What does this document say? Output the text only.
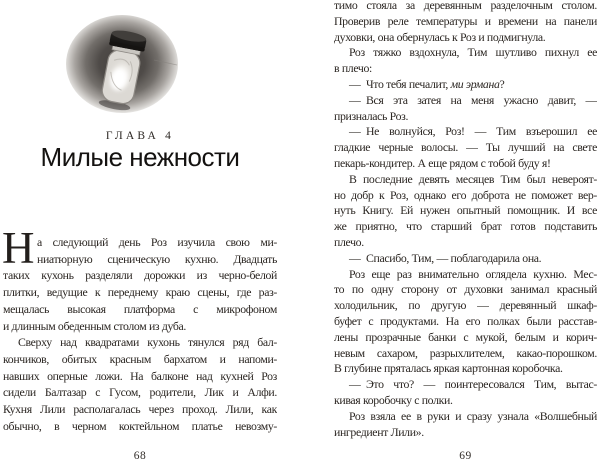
ГЛАВА 4
Милые нежности
Н а следующий день Роз изучила свою ми-
ниатюрную сценическую кухню. Двадцать
таких кухонь разделяли дорожки из черно-белой
плитки, ведущие к переднему краю сцены, где раз-
мещалась высокая платформа с микрофоном
и длинным обеденным столом из дуба.
Сверху над квадратами кухонь тянулся ряд бал-
кончиков, обитых красным бархатом и напоми-
навших оперные ложи. На балконе над кухней Роз
сидели Балтазар с Гусом, родители, Лик и Алфи.
Кухня Лили располагалась через проход. Лили, как
обычно, в черном коктейльном платье невозму-
68
тимо стояла за деревянным разделочным столом.
Проверив реле температуры и времени на панели
духовки, она обернулась к Роз и подмигнула.
Роз тяжко вздохнула, Тим шутливо пихнул ее
в плечо:
— Что тебя печалит, ми эрмана?
— Вся эта затея на меня ужасно давит, —
призналась Роз.
— Не волнуйся, Роз! — Тим взъерошил ее
гладкие черные волосы. — Ты лучший на свете
пекарь-кондитер. А еще рядом с тобой буду я!
В последние девять месяцев Тим был невероят-
но добр к Роз, однако его доброта не поможет вер-
нуть Книгу. Ей нужен опытный помощник. И все
же приятно, что старший брат готов подставить
плечо.
— Спасибо, Тим, — поблагодарила она.
Роз еще раз внимательно оглядела кухню. Мес-
то по одну сторону от духовки занимал красный
холодильник, по другую — деревянный шкаф-
буфет с продуктами. На его полках были расстав-
лены прозрачные банки с мукой, белым и корич-
невым сахаром, разрыхлителем, какао-порошком.
В глубине пряталась яркая картонная коробочка.
— Это что? — поинтересовался Тим, вытас-
кивая коробочку с полки.
Роз взяла ее в руки и сразу узнала «Волшебный
ингредиент Лили».
69
